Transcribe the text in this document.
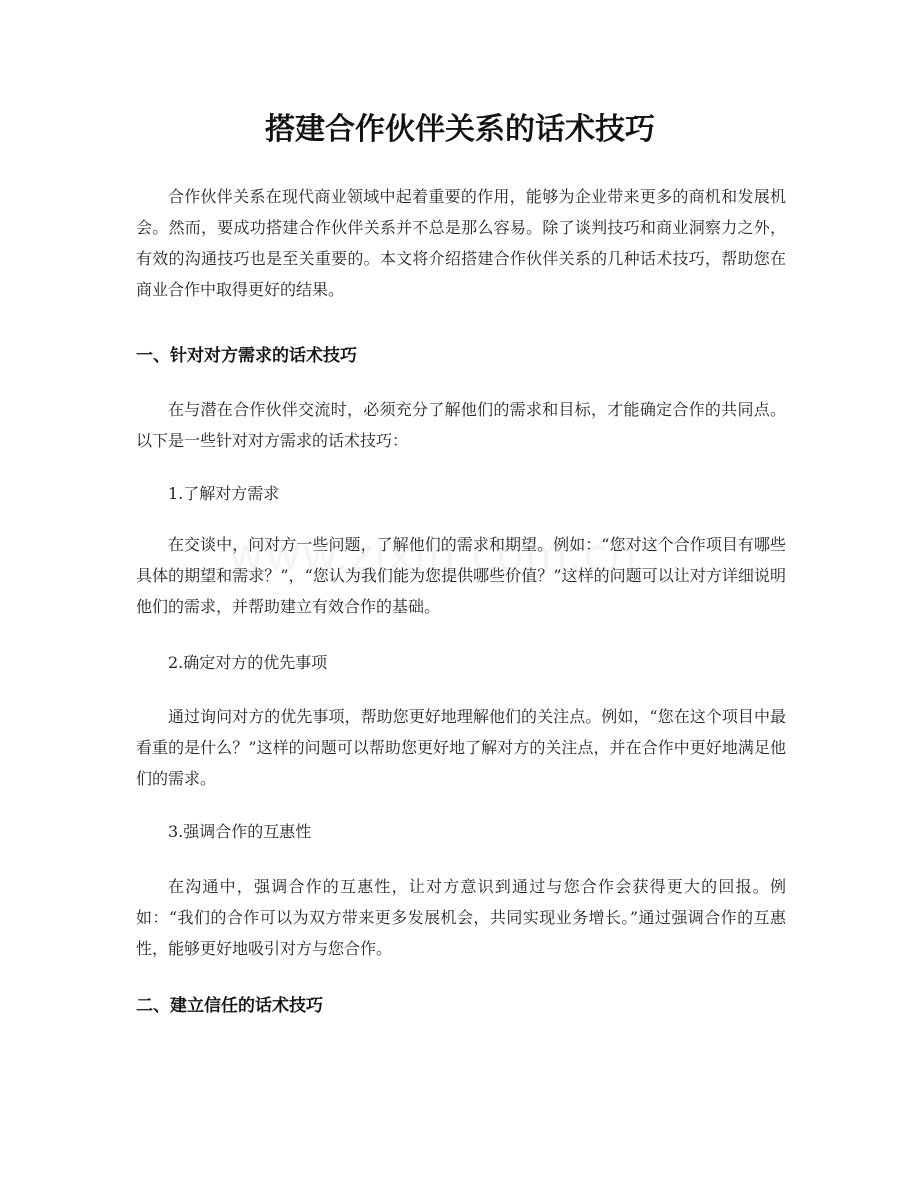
搭建合作伙伴关系的话术技巧

合作伙伴关系在现代商业领域中起着重要的作用，能够为企业带来更多的商机和发展机会。然而，要成功搭建合作伙伴关系并不总是那么容易。除了谈判技巧和商业洞察力之外，有效的沟通技巧也是至关重要的。本文将介绍搭建合作伙伴关系的几种话术技巧，帮助您在商业合作中取得更好的结果。

一、针对对方需求的话术技巧

在与潜在合作伙伴交流时，必须充分了解他们的需求和目标，才能确定合作的共同点。以下是一些针对对方需求的话术技巧：

1.了解对方需求

在交谈中，问对方一些问题，了解他们的需求和期望。例如：“您对这个合作项目有哪些具体的期望和需求？”，“您认为我们能为您提供哪些价值？”这样的问题可以让对方详细说明他们的需求，并帮助建立有效合作的基础。

2.确定对方的优先事项

通过询问对方的优先事项，帮助您更好地理解他们的关注点。例如，“您在这个项目中最看重的是什么？”这样的问题可以帮助您更好地了解对方的关注点，并在合作中更好地满足他们的需求。

3.强调合作的互惠性

在沟通中，强调合作的互惠性，让对方意识到通过与您合作会获得更大的回报。例如：“我们的合作可以为双方带来更多发展机会，共同实现业务增长。”通过强调合作的互惠性，能够更好地吸引对方与您合作。

二、建立信任的话术技巧
